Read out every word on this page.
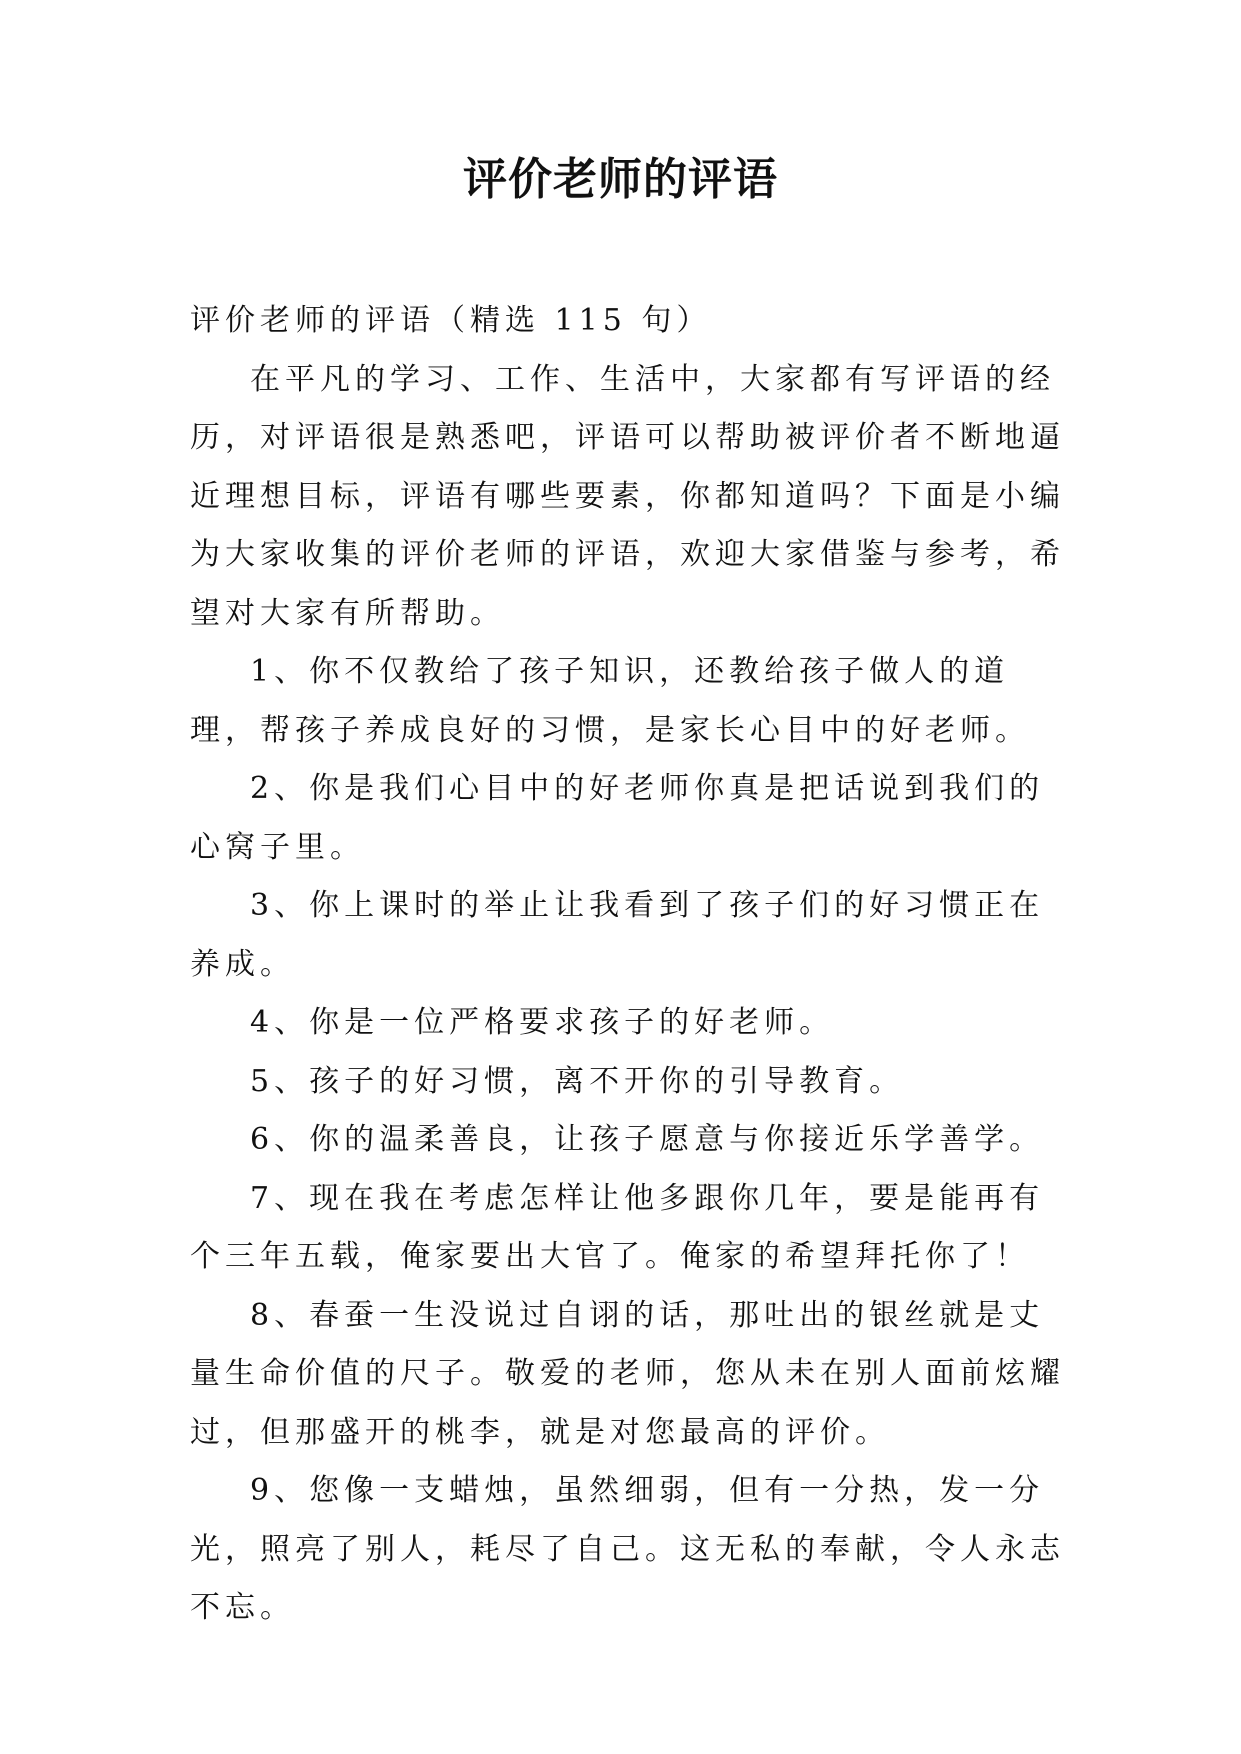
评价老师的评语

评价老师的评语（精选 115 句）

在平凡的学习、工作、生活中，大家都有写评语的经历，对评语很是熟悉吧，评语可以帮助被评价者不断地逼近理想目标，评语有哪些要素，你都知道吗？下面是小编为大家收集的评价老师的评语，欢迎大家借鉴与参考，希望对大家有所帮助。

1、你不仅教给了孩子知识，还教给孩子做人的道理，帮孩子养成良好的习惯，是家长心目中的好老师。

2、你是我们心目中的好老师你真是把话说到我们的心窝子里。

3、你上课时的举止让我看到了孩子们的好习惯正在养成。

4、你是一位严格要求孩子的好老师。

5、孩子的好习惯，离不开你的引导教育。

6、你的温柔善良，让孩子愿意与你接近乐学善学。

7、现在我在考虑怎样让他多跟你几年，要是能再有个三年五载，俺家要出大官了。俺家的希望拜托你了！

8、春蚕一生没说过自诩的话，那吐出的银丝就是丈量生命价值的尺子。敬爱的老师，您从未在别人面前炫耀过，但那盛开的桃李，就是对您最高的评价。

9、您像一支蜡烛，虽然细弱，但有一分热，发一分光，照亮了别人，耗尽了自己。这无私的奉献，令人永志不忘。
